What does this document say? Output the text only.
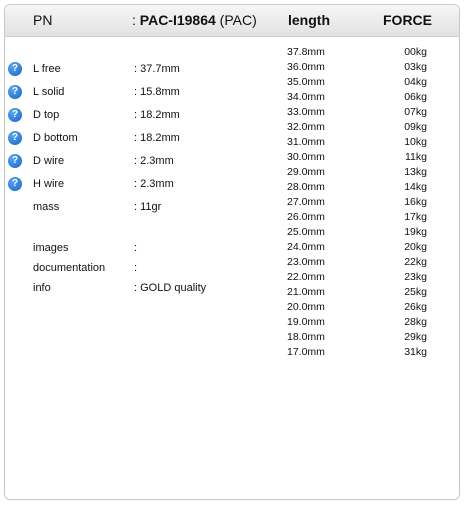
PN	: PAC-I19864 (PAC) length	FORCE
?	L free	: 37.7mm
?	L solid	: 15.8mm
?	D top	: 18.2mm
?	D bottom	: 18.2mm
?	D wire	: 2.3mm
?	H wire	: 2.3mm
mass	: 11gr
images	:
documentation	:
info	: GOLD quality
37.8mm	00kg
36.0mm	03kg
35.0mm	04kg
34.0mm	06kg
33.0mm	07kg
32.0mm	09kg
31.0mm	10kg
30.0mm	11kg
29.0mm	13kg
28.0mm	14kg
27.0mm	16kg
26.0mm	17kg
25.0mm	19kg
24.0mm	20kg
23.0mm	22kg
22.0mm	23kg
21.0mm	25kg
20.0mm	26kg
19.0mm	28kg
18.0mm	29kg
17.0mm	31kg
